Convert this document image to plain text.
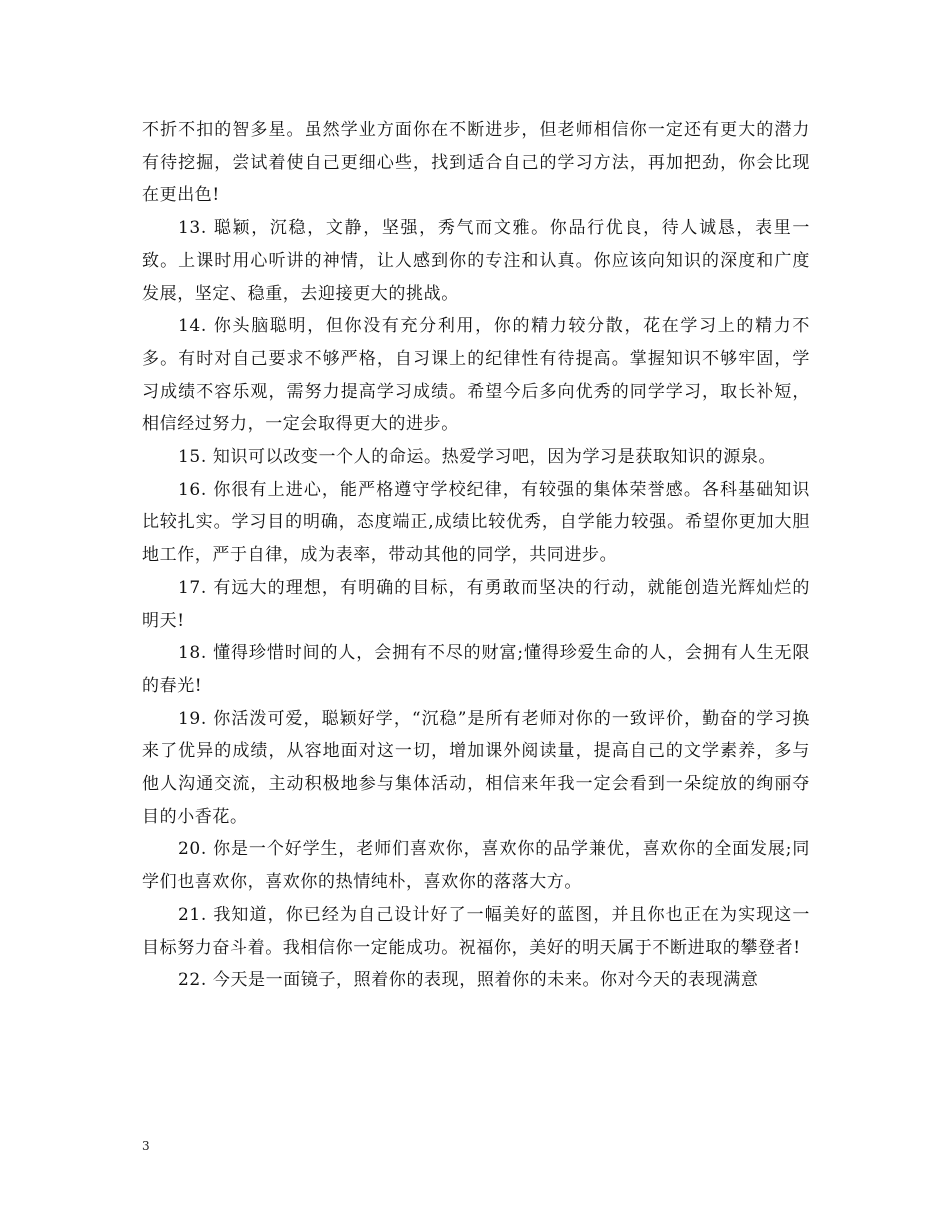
不折不扣的智多星。虽然学业方面你在不断进步，但老师相信你一定还有更大的潜力有待挖掘，尝试着使自己更细心些，找到适合自己的学习方法，再加把劲，你会比现在更出色!

13. 聪颖，沉稳，文静，坚强，秀气而文雅。你品行优良，待人诚恳，表里一致。上课时用心听讲的神情，让人感到你的专注和认真。你应该向知识的深度和广度发展，坚定、稳重，去迎接更大的挑战。

14. 你头脑聪明，但你没有充分利用，你的精力较分散，花在学习上的精力不多。有时对自己要求不够严格，自习课上的纪律性有待提高。掌握知识不够牢固，学习成绩不容乐观，需努力提高学习成绩。希望今后多向优秀的同学学习，取长补短，相信经过努力，一定会取得更大的进步。

15. 知识可以改变一个人的命运。热爱学习吧，因为学习是获取知识的源泉。

16. 你很有上进心，能严格遵守学校纪律，有较强的集体荣誉感。各科基础知识比较扎实。学习目的明确，态度端正,成绩比较优秀，自学能力较强。希望你更加大胆地工作，严于自律，成为表率，带动其他的同学，共同进步。

17. 有远大的理想，有明确的目标，有勇敢而坚决的行动，就能创造光辉灿烂的明天!

18. 懂得珍惜时间的人，会拥有不尽的财富;懂得珍爱生命的人，会拥有人生无限的春光!

19. 你活泼可爱，聪颖好学，“沉稳”是所有老师对你的一致评价，勤奋的学习换来了优异的成绩，从容地面对这一切，增加课外阅读量，提高自己的文学素养，多与他人沟通交流，主动积极地参与集体活动，相信来年我一定会看到一朵绽放的绚丽夺目的小香花。

20. 你是一个好学生，老师们喜欢你，喜欢你的品学兼优，喜欢你的全面发展;同学们也喜欢你，喜欢你的热情纯朴，喜欢你的落落大方。

21. 我知道，你已经为自己设计好了一幅美好的蓝图，并且你也正在为实现这一目标努力奋斗着。我相信你一定能成功。祝福你，美好的明天属于不断进取的攀登者!

22. 今天是一面镜子，照着你的表现，照着你的未来。你对今天的表现满意

3
